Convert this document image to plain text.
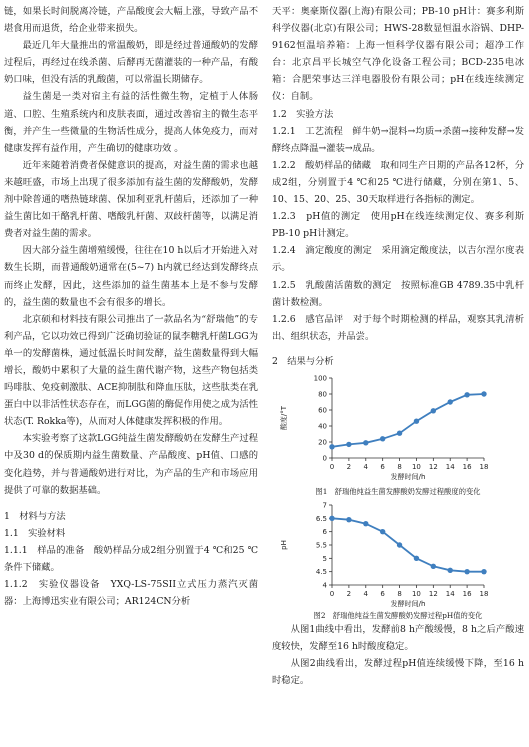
链，如果长时间脱离冷链，产品酸度会大幅上涨，导致产品不堪食用而退货，给企业带来损失。

最近几年大量推出的常温酸奶，即是经过普通酸奶的发酵过程后，再经过在线杀菌、后酵再无菌灌装的一种产品，有酸奶口味，但没有活的乳酸菌，可以常温长期储存。

益生菌是一类对宿主有益的活性微生物，定植于人体肠道、口腔、生殖系统内和皮肤表面，通过改善宿主的微生态平衡，并产生一些微量的生物活性成分，提高人体免疫力，而对健康发挥有益作用，产生确切的健康功效 。

近年来随着消费者保健意识的提高，对益生菌的需求也越来越旺盛，市场上出现了很多添加有益生菌的发酵酸奶，发酵剂中除普通的嗜热链球菌、保加利亚乳杆菌后，还添加了一种益生菌比如干酪乳杆菌、嗜酸乳杆菌、双歧杆菌等，以满足消费者对益生菌的需求。

因大部分益生菌增殖缓慢，往往在10 h以后才开始进入对数生长期，而普通酸奶通常在(5~7) h内就已经达到发酵终点而终止发酵，因此，这些添加的益生菌基本上是不参与发酵的，益生菌的数量也不会有很多的增长。

北京硕和材料技有限公司推出了一款品名为“舒瑞他”的专利产品，它以功效已得到广泛确切验证的鼠李糖乳杆菌LGG为单一的发酵菌株，通过低温长时间发酵，益生菌数量得到大幅增长，酸奶中累积了大量的益生菌代谢产物，这些产物包括类吗啡肽、免疫刺激肽、ACE抑制肽和降血压肽，这些肽类在乳蛋白中以非活性状态存在，而LGG菌的酶促作用使之成为活性状态(T. Rokka等)，从而对人体健康发挥积极的作用。

本实验考察了这款LGG纯益生菌发酵酸奶在发酵生产过程中及30 d的保质期内益生菌数量、产品酸度、pH值、口感的变化趋势，并与普通酸奶进行对比，为产品的生产和市场应用提供了可靠的数据基础。

1　材料与方法

1.1　实验材料

1.1.1　样品的准备　酸奶样品分成2组分别置于4 ℃和25 ℃条件下储藏。

1.1.2　实验仪器设备　YXQ-LS-75SII立式压力蒸汽灭菌器：上海博迅实业有限公司；AR124CN分析

天平：奥豪斯仪器(上海)有限公司；PB-10 pH计：赛多利斯科学仪器(北京)有限公司；HWS-28数显恒温水浴锅、DHP-9162恒温培养箱：上海一恒科学仪器有限公司；超净工作台：北京昌平长城空气净化设备工程公司；BCD-235电冰箱：合肥荣事达三洋电器股份有限公司；pH在线连续测定仪：自制。

1.2　实验方法

1.2.1　工艺流程　鲜牛奶→混料→均质→杀菌→接种发酵→发酵终点降温→灌装→成品。

1.2.2　酸奶样品的储藏　取和同生产日期的产品各12杯，分成2组，分别置于4 ℃和25 ℃进行储藏，分别在第1、5、10、15、20、25、30天取样进行各指标的测定。

1.2.3　pH值的测定　使用pH在线连续测定仪、赛多利斯PB-10 pH计测定。

1.2.4　滴定酸度的测定　采用滴定酸度法，以吉尔涅尔度表示。

1.2.5　乳酸菌活菌数的测定　按照标准GB 4789.35中乳杆菌计数检测。

1.2.6　感官品评　对于每个时期检测的样品，观察其乳清析出、组织状态，并品尝。

2　结果与分析

0
20
40
60
80
100
0 2 4 6 8 10 12 14 16 18
发酵时间/h
酸度/°T

图1　舒瑞他纯益生菌发酵酸奶发酵过程酸度的变化

4
4.5
5
5.5
6
6.5
7
0 2 4 6 8 10 12 14 16 18
发酵时间/h
pH

图2　舒瑞他纯益生菌发酵酸奶发酵过程pH值的变化

从图1曲线中看出，发酵前8 h产酸缓慢，8 h之后产酸速度较快，发酵至16 h时酸度稳定。

从图2曲线看出，发酵过程pH值连续缓慢下降，至16 h时稳定。
